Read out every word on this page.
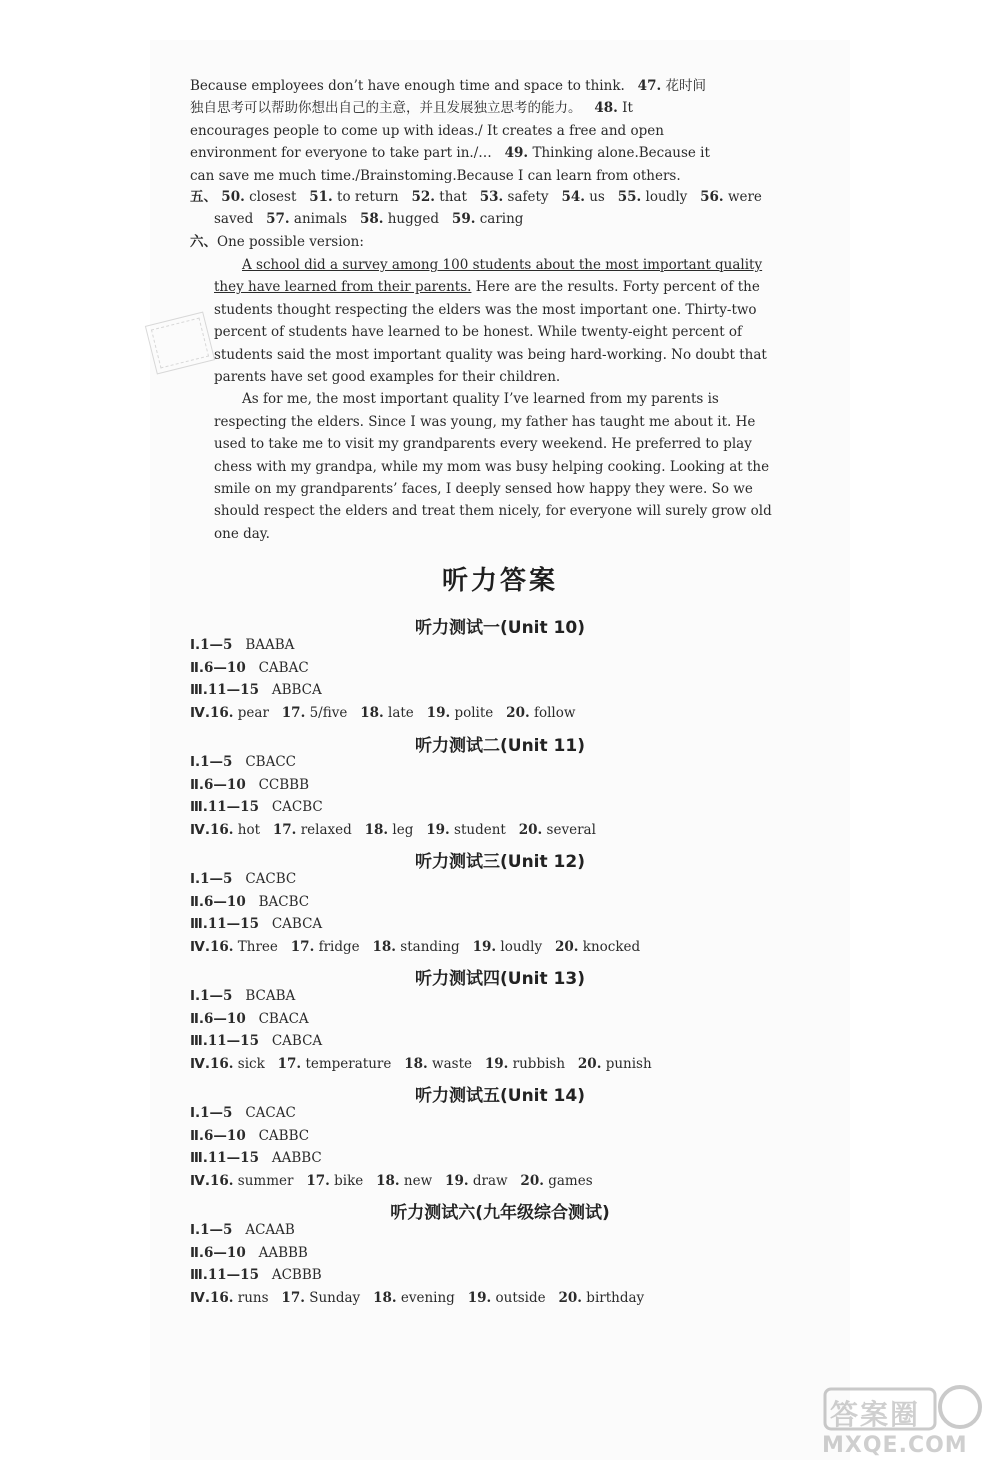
Because employees don’t have enough time and space to think. 47. 花时间
独自思考可以帮助你想出自己的主意，并且发展独立思考的能力。 48. It
encourages people to come up with ideas./ It creates a free and open
environment for everyone to take part in./… 49. Thinking alone.Because it
can save me much time./Brainstoming.Because I can learn from others.
五、 50. closest 51. to return 52. that 53. safety 54. us 55. loudly 56. were
saved 57. animals 58. hugged 59. caring
六、One possible version:
A school did a survey among 100 students about the most important quality
they have learned from their parents. Here are the results. Forty percent of the
students thought respecting the elders was the most important one. Thirty-two
percent of students have learned to be honest. While twenty-eight percent of
students said the most important quality was being hard-working. No doubt that
parents have set good examples for their children.
As for me, the most important quality I’ve learned from my parents is
respecting the elders. Since I was young, my father has taught me about it. He
used to take me to visit my grandparents every weekend. He preferred to play
chess with my grandpa, while my mom was busy helping cooking. Looking at the
smile on my grandparents’ faces, I deeply sensed how happy they were. So we
should respect the elders and treat them nicely, for everyone will surely grow old
one day.
听力答案
听力测试一(Unit 10)
Ⅰ.1—5 BAABA
Ⅱ.6—10 CABAC
Ⅲ.11—15 ABBCA
Ⅳ.16. pear 17. 5/five 18. late 19. polite 20. follow
听力测试二(Unit 11)
Ⅰ.1—5 CBACC
Ⅱ.6—10 CCBBB
Ⅲ.11—15 CACBC
Ⅳ.16. hot 17. relaxed 18. leg 19. student 20. several
听力测试三(Unit 12)
Ⅰ.1—5 CACBC
Ⅱ.6—10 BACBC
Ⅲ.11—15 CABCA
Ⅳ.16. Three 17. fridge 18. standing 19. loudly 20. knocked
听力测试四(Unit 13)
Ⅰ.1—5 BCABA
Ⅱ.6—10 CBACA
Ⅲ.11—15 CABCA
Ⅳ.16. sick 17. temperature 18. waste 19. rubbish 20. punish
听力测试五(Unit 14)
Ⅰ.1—5 CACAC
Ⅱ.6—10 CABBC
Ⅲ.11—15 AABBC
Ⅳ.16. summer 17. bike 18. new 19. draw 20. games
听力测试六(九年级综合测试)
Ⅰ.1—5 ACAAB
Ⅱ.6—10 AABBB
Ⅲ.11—15 ACBBB
Ⅳ.16. runs 17. Sunday 18. evening 19. outside 20. birthday
答案圈
MXQE.COM
